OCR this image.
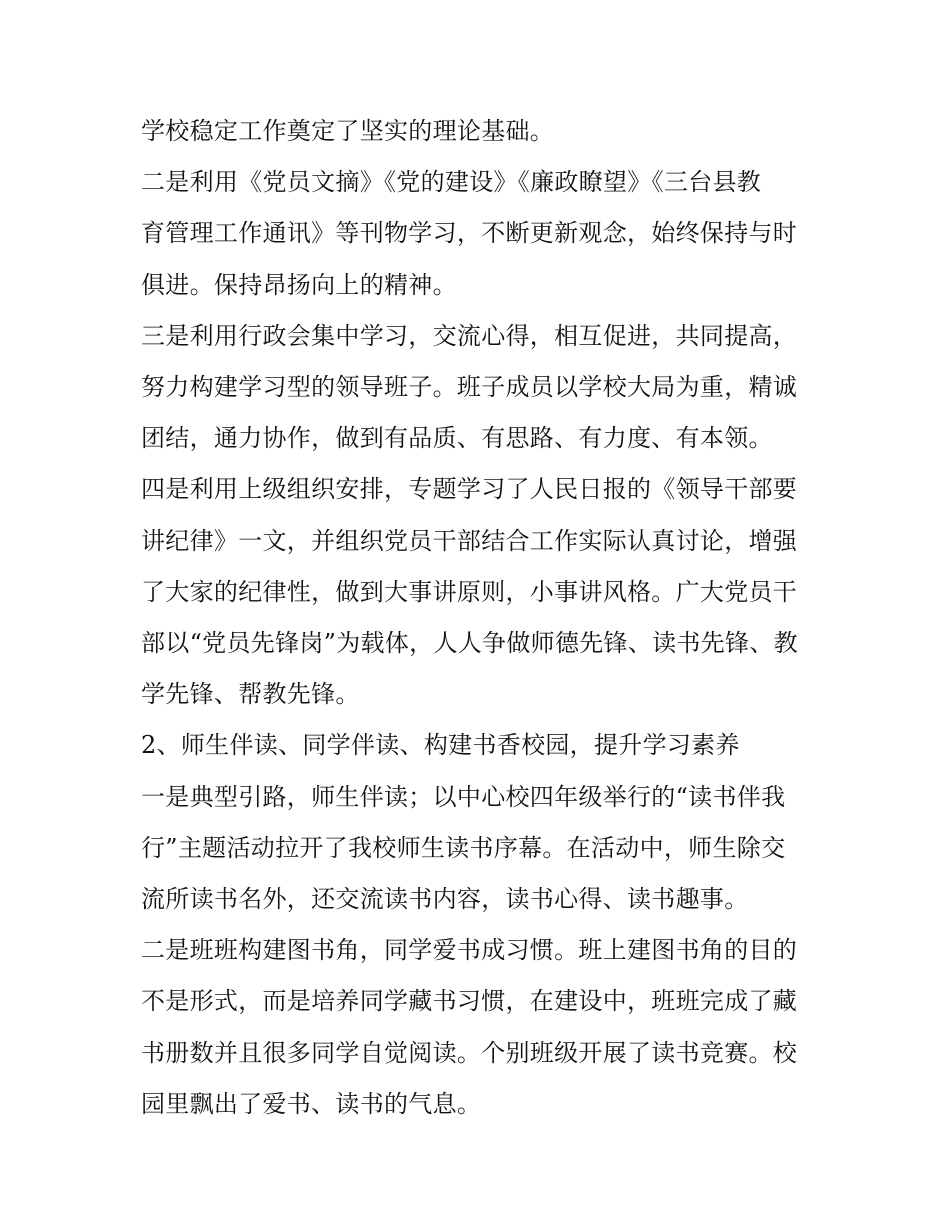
学校稳定工作奠定了坚实的理论基础。
二是利用《党员文摘》《党的建设》《廉政瞭望》《三台县教
育管理工作通讯》等刊物学习，不断更新观念，始终保持与时
俱进。保持昂扬向上的精神。
三是利用行政会集中学习，交流心得，相互促进，共同提高，
努力构建学习型的领导班子。班子成员以学校大局为重，精诚
团结，通力协作，做到有品质、有思路、有力度、有本领。
四是利用上级组织安排，专题学习了人民日报的《领导干部要
讲纪律》一文，并组织党员干部结合工作实际认真讨论，增强
了大家的纪律性，做到大事讲原则，小事讲风格。广大党员干
部以“党员先锋岗”为载体，人人争做师德先锋、读书先锋、教
学先锋、帮教先锋。
2、师生伴读、同学伴读、构建书香校园，提升学习素养
一是典型引路，师生伴读；以中心校四年级举行的“读书伴我
行”主题活动拉开了我校师生读书序幕。在活动中，师生除交
流所读书名外，还交流读书内容，读书心得、读书趣事。
二是班班构建图书角，同学爱书成习惯。班上建图书角的目的
不是形式，而是培养同学藏书习惯，在建设中，班班完成了藏
书册数并且很多同学自觉阅读。个别班级开展了读书竞赛。校
园里飘出了爱书、读书的气息。
